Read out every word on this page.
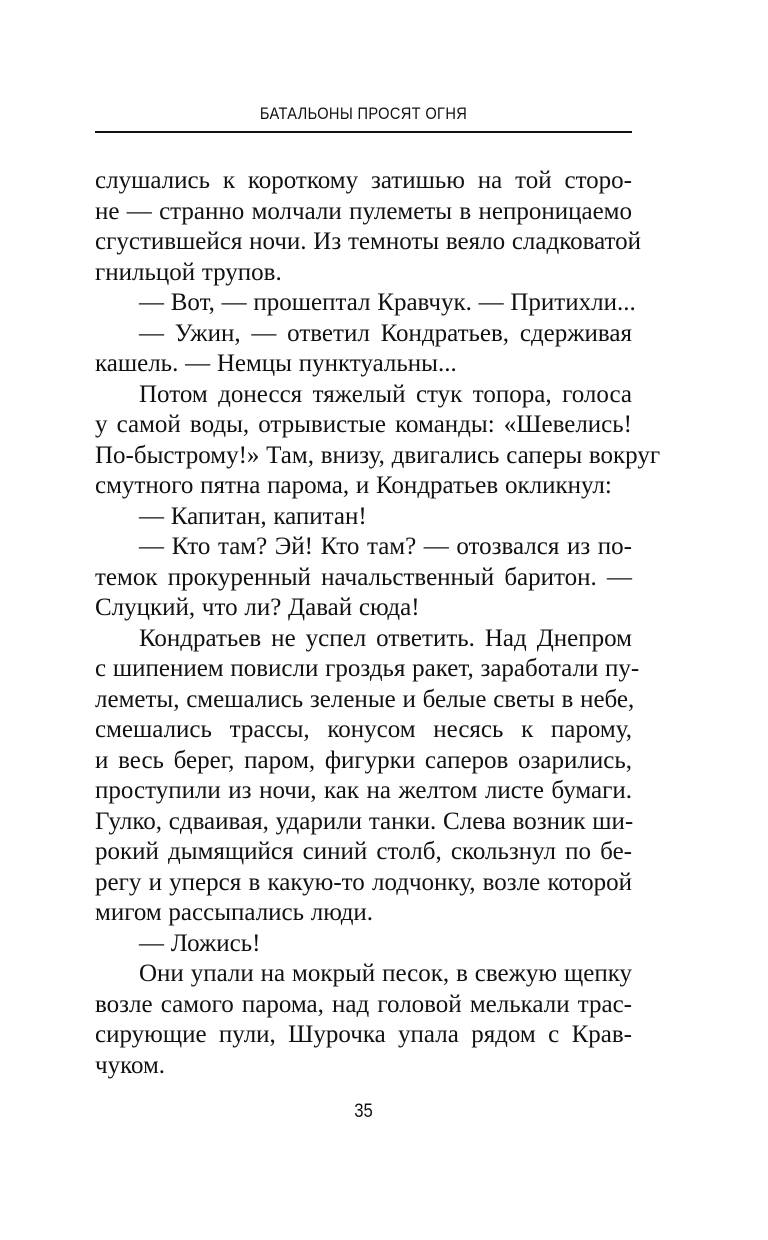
БАТАЛЬОНЫ ПРОСЯТ ОГНЯ
слушались к короткому затишью на той сторо-
не — странно молчали пулеметы в непроницаемо
сгустившейся ночи. Из темноты веяло сладковатой
гнильцой трупов.
— Вот, — прошептал Кравчук. — Притихли...
— Ужин, — ответил Кондратьев, сдерживая
кашель. — Немцы пунктуальны...
Потом донесся тяжелый стук топора, голоса
у самой воды, отрывистые команды: «Шевелись!
По-быстрому!» Там, внизу, двигались саперы вокруг
смутного пятна парома, и Кондратьев окликнул:
— Капитан, капитан!
— Кто там? Эй! Кто там? — отозвался из по-
темок прокуренный начальственный баритон. —
Слуцкий, что ли? Давай сюда!
Кондратьев не успел ответить. Над Днепром
с шипением повисли гроздья ракет, заработали пу-
леметы, смешались зеленые и белые светы в небе,
смешались трассы, конусом несясь к парому,
и весь берег, паром, фигурки саперов озарились,
проступили из ночи, как на желтом листе бумаги.
Гулко, сдваивая, ударили танки. Слева возник ши-
рокий дымящийся синий столб, скользнул по бе-
регу и уперся в какую-то лодчонку, возле которой
мигом рассыпались люди.
— Ложись!
Они упали на мокрый песок, в свежую щепку
возле самого парома, над головой мелькали трас-
сирующие пули, Шурочка упала рядом с Крав-
чуком.
35
